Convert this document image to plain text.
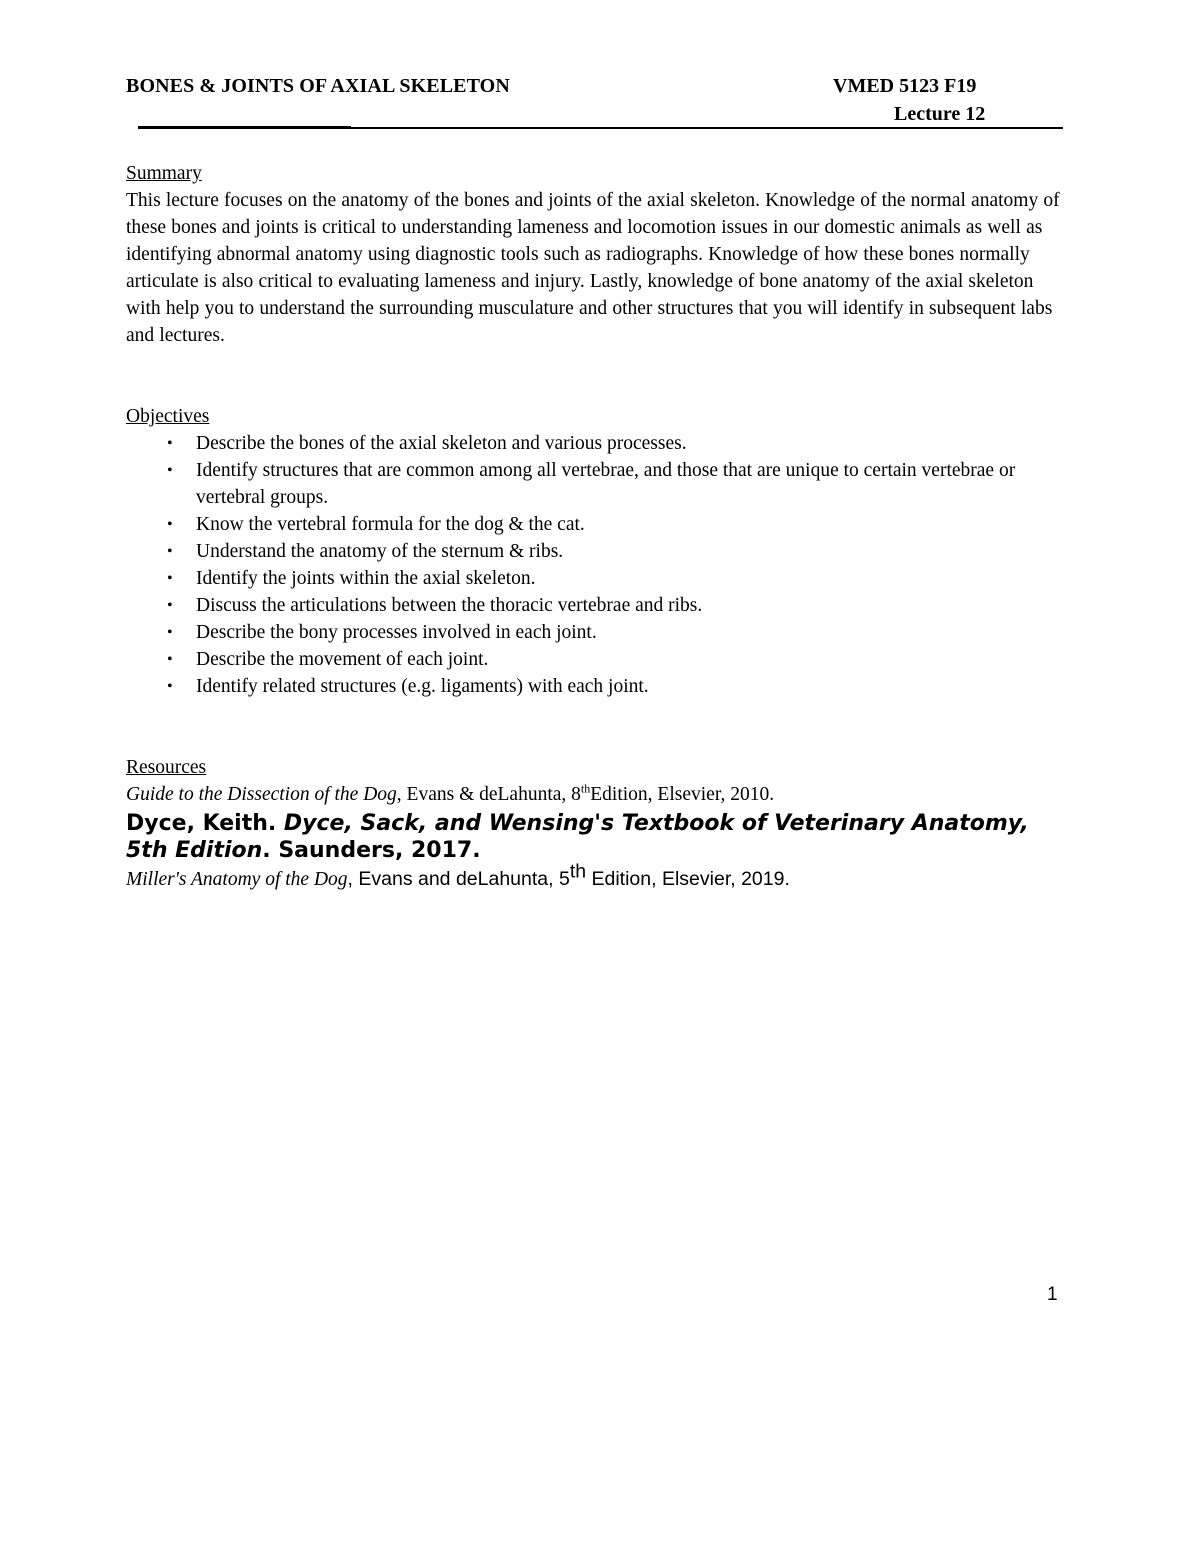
BONES & JOINTS OF AXIAL SKELETON	VMED 5123 F19
Lecture 12

Summary

This lecture focuses on the anatomy of the bones and joints of the axial skeleton. Knowledge of the normal anatomy of these bones and joints is critical to understanding lameness and locomotion issues in our domestic animals as well as identifying abnormal anatomy using diagnostic tools such as radiographs. Knowledge of how these bones normally articulate is also critical to evaluating lameness and injury. Lastly, knowledge of bone anatomy of the axial skeleton with help you to understand the surrounding musculature and other structures that you will identify in subsequent labs and lectures.

Objectives

• Describe the bones of the axial skeleton and various processes.
• Identify structures that are common among all vertebrae, and those that are unique to certain vertebrae or vertebral groups.
• Know the vertebral formula for the dog & the cat.
• Understand the anatomy of the sternum & ribs.
• Identify the joints within the axial skeleton.
• Discuss the articulations between the thoracic vertebrae and ribs.
• Describe the bony processes involved in each joint.
• Describe the movement of each joint.
• Identify related structures (e.g. ligaments) with each joint.

Resources

Guide to the Dissection of the Dog, Evans & deLahunta, 8thEdition, Elsevier, 2010.

Dyce, Keith. Dyce, Sack, and Wensing's Textbook of Veterinary Anatomy, 5th Edition. Saunders, 2017.

Miller's Anatomy of the Dog, Evans and deLahunta, 5th Edition, Elsevier, 2019.

1
